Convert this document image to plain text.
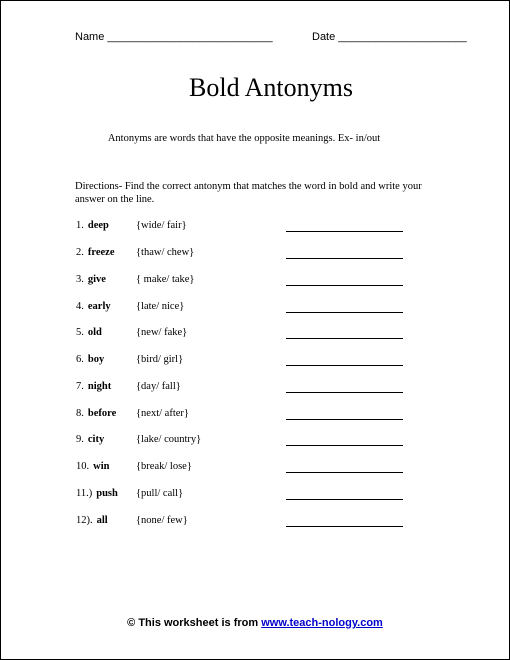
Name ___________________________	Date _____________________
Bold Antonyms
Antonyms are words that have the opposite meanings. Ex- in/out
Directions- Find the correct antonym that matches the word in bold and write your answer on the line.
1. deep	{wide/ fair}
2. freeze {thaw/ chew}
3. give	{ make/ take}
4. early {late/ nice}
5. old	{new/ fake}
6. boy	{bird/ girl}
7. night {day/ fall}
8. before {next/ after}
9. city	{lake/ country}
10. win	{break/ lose}
11.) push {pull/ call}
12). all	{none/ few}
© This worksheet is from www.teach-nology.com
